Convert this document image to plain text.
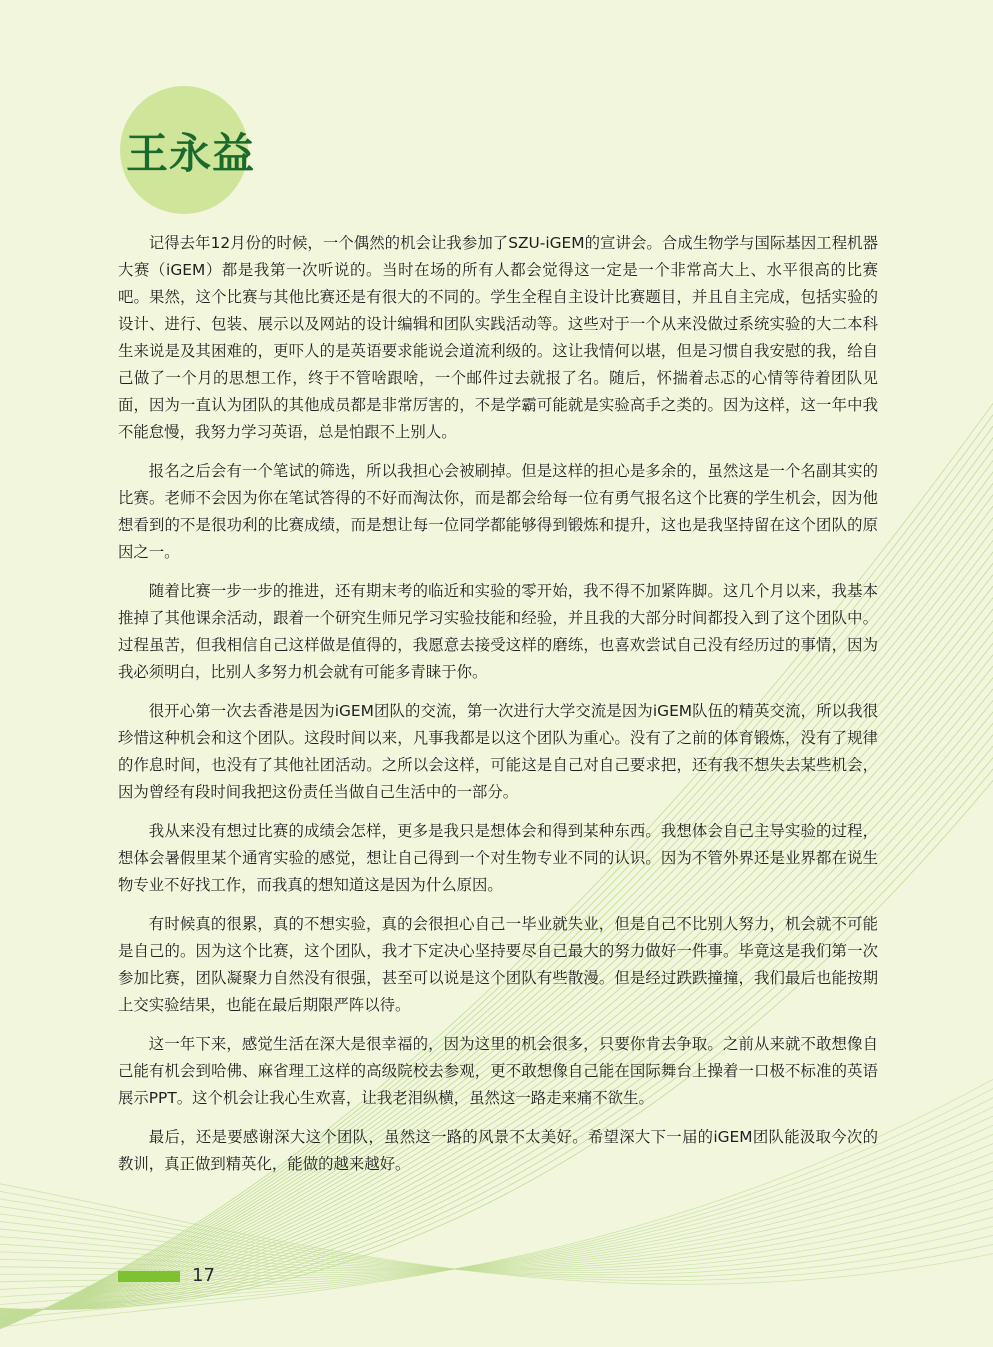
王永益

记得去年12月份的时候，一个偶然的机会让我参加了SZU-iGEM的宣讲会。合成生物学与国际基因工程机器大赛（iGEM）都是我第一次听说的。当时在场的所有人都会觉得这一定是一个非常高大上、水平很高的比赛吧。果然，这个比赛与其他比赛还是有很大的不同的。学生全程自主设计比赛题目，并且自主完成，包括实验的设计、进行、包装、展示以及网站的设计编辑和团队实践活动等。这些对于一个从来没做过系统实验的大二本科生来说是及其困难的，更吓人的是英语要求能说会道流利级的。这让我情何以堪，但是习惯自我安慰的我，给自己做了一个月的思想工作，终于不管啥跟啥，一个邮件过去就报了名。随后，怀揣着忐忑的心情等待着团队见面，因为一直认为团队的其他成员都是非常厉害的，不是学霸可能就是实验高手之类的。因为这样，这一年中我不能怠慢，我努力学习英语，总是怕跟不上别人。

报名之后会有一个笔试的筛选，所以我担心会被刷掉。但是这样的担心是多余的，虽然这是一个名副其实的比赛。老师不会因为你在笔试答得的不好而淘汰你，而是都会给每一位有勇气报名这个比赛的学生机会，因为他想看到的不是很功利的比赛成绩，而是想让每一位同学都能够得到锻炼和提升，这也是我坚持留在这个团队的原因之一。

随着比赛一步一步的推进，还有期末考的临近和实验的零开始，我不得不加紧阵脚。这几个月以来，我基本推掉了其他课余活动，跟着一个研究生师兄学习实验技能和经验，并且我的大部分时间都投入到了这个团队中。过程虽苦，但我相信自己这样做是值得的，我愿意去接受这样的磨练，也喜欢尝试自己没有经历过的事情，因为我必须明白，比别人多努力机会就有可能多青睐于你。

很开心第一次去香港是因为iGEM团队的交流，第一次进行大学交流是因为iGEM队伍的精英交流，所以我很珍惜这种机会和这个团队。这段时间以来，凡事我都是以这个团队为重心。没有了之前的体育锻炼，没有了规律的作息时间，也没有了其他社团活动。之所以会这样，可能这是自己对自己要求把，还有我不想失去某些机会，因为曾经有段时间我把这份责任当做自己生活中的一部分。

我从来没有想过比赛的成绩会怎样，更多是我只是想体会和得到某种东西。我想体会自己主导实验的过程，想体会暑假里某个通宵实验的感觉，想让自己得到一个对生物专业不同的认识。因为不管外界还是业界都在说生物专业不好找工作，而我真的想知道这是因为什么原因。

有时候真的很累，真的不想实验，真的会很担心自己一毕业就失业，但是自己不比别人努力，机会就不可能是自己的。因为这个比赛，这个团队，我才下定决心坚持要尽自己最大的努力做好一件事。毕竟这是我们第一次参加比赛，团队凝聚力自然没有很强，甚至可以说是这个团队有些散漫。但是经过跌跌撞撞，我们最后也能按期上交实验结果，也能在最后期限严阵以待。

这一年下来，感觉生活在深大是很幸福的，因为这里的机会很多，只要你肯去争取。之前从来就不敢想像自己能有机会到哈佛、麻省理工这样的高级院校去参观，更不敢想像自己能在国际舞台上操着一口极不标准的英语展示PPT。这个机会让我心生欢喜，让我老泪纵横，虽然这一路走来痛不欲生。

最后，还是要感谢深大这个团队，虽然这一路的风景不太美好。希望深大下一届的iGEM团队能汲取今次的教训，真正做到精英化，能做的越来越好。

17
